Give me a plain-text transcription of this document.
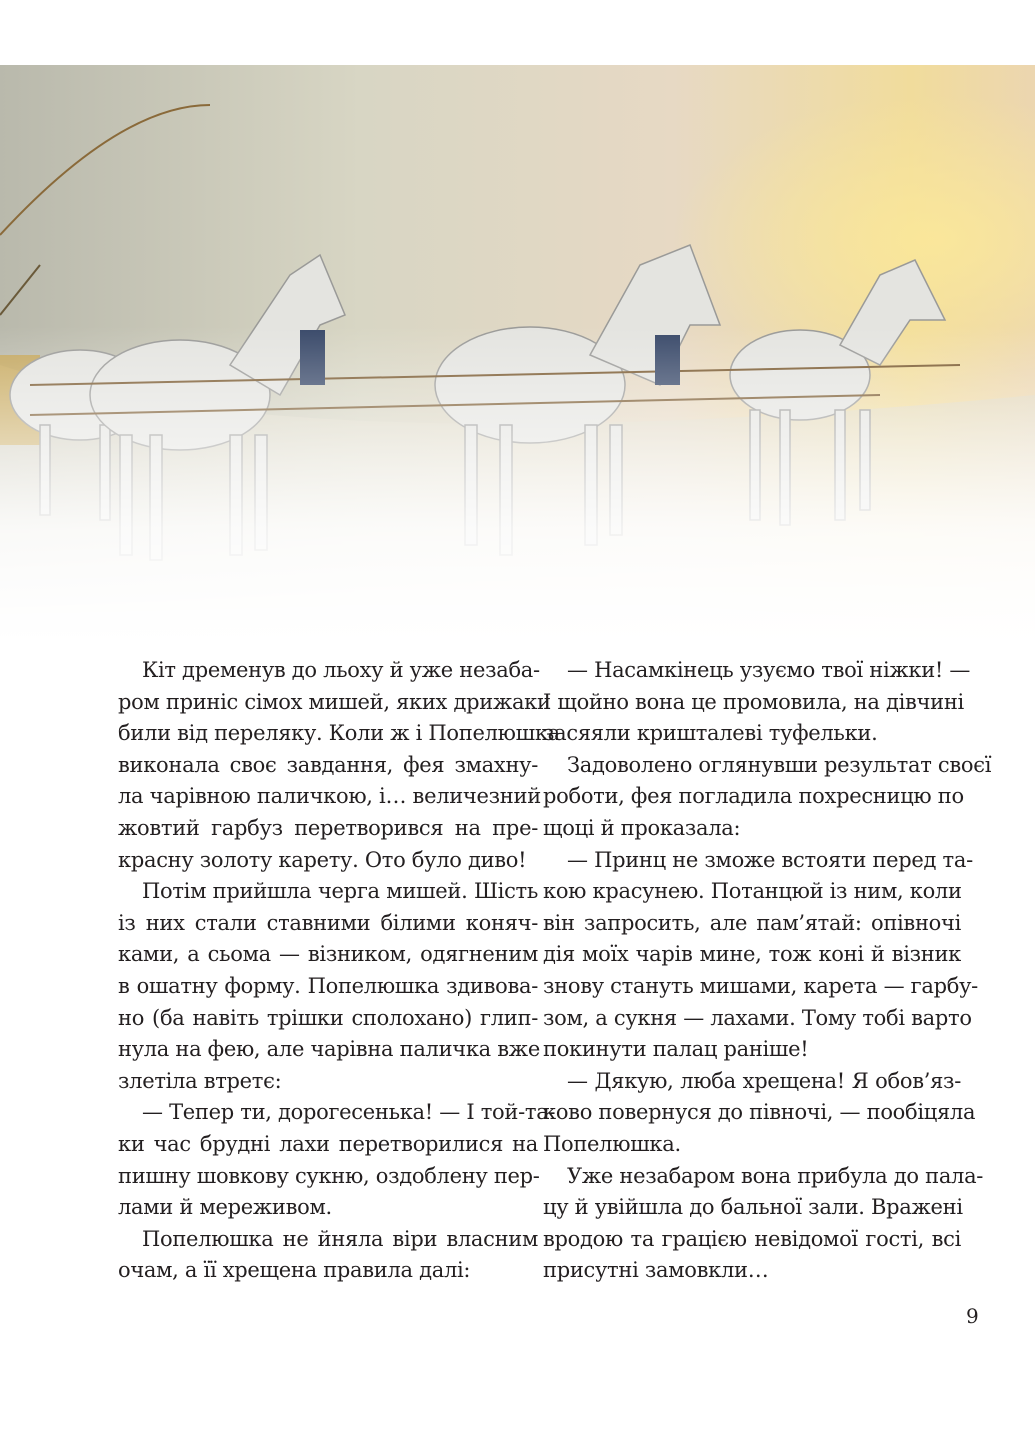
Кіт дременув до льоху й уже незаба-
ром приніс сімох мишей, яких дрижаки
били від переляку. Коли ж і Попелюшка
виконала своє завдання, фея змахну-
ла чарівною паличкою, і… величезний
жовтий гарбуз перетворився на пре-
красну золоту карету. Ото було диво!
Потім прийшла черга мишей. Шість
із них стали ставними білими коняч-
ками, а сьома — візником, одягненим
в ошатну форму. Попелюшка здивова-
но (ба навіть трішки сполохано) глип-
нула на фею, але чарівна паличка вже
злетіла втретє:
— Тепер ти, дорогесенька! — І той-та-
ки час брудні лахи перетворилися на
пишну шовкову сукню, оздоблену пер-
лами й мереживом.
Попелюшка не йняла віри власним
очам, а її хрещена правила далі:
— Насамкінець узуємо твої ніжки! —
І щойно вона це промовила, на дівчині
засяяли кришталеві туфельки.
Задоволено оглянувши результат своєї
роботи, фея погладила похресницю по
щоці й проказала:
— Принц не зможе встояти перед та-
кою красунею. Потанцюй із ним, коли
він запросить, але пам’ятай: опівночі
дія моїх чарів мине, тож коні й візник
знову стануть мишами, карета — гарбу-
зом, а сукня — лахами. Тому тобі варто
покинути палац раніше!
— Дякую, люба хрещена! Я обов’яз-
ково повернуся до півночі, — пообіцяла
Попелюшка.
Уже незабаром вона прибула до пала-
цу й увійшла до бальної зали. Вражені
вродою та грацією невідомої гості, всі
присутні замовкли…
9
